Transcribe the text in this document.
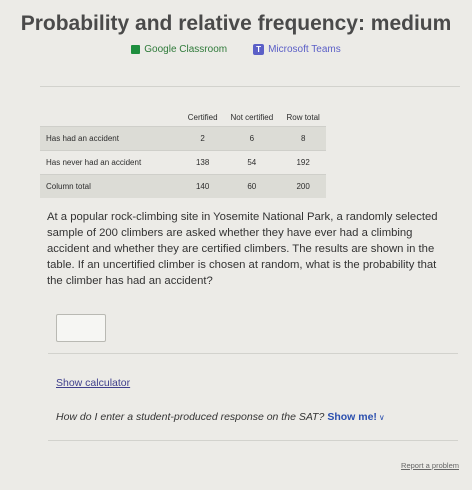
Probability and relative frequency: medium
Google Classroom	T Microsoft Teams
	Certified	Not certified	Row total
Has had an accident	2	6	8
Has never had an accident	138	54	192
Column total	140	60	200
At a popular rock-climbing site in Yosemite National Park, a randomly selected sample of 200 climbers are asked whether they have ever had a climbing accident and whether they are certified climbers. The results are shown in the table. If an uncertified climber is chosen at random, what is the probability that the climber has had an accident?
Show calculator
How do I enter a student-produced response on the SAT? Show me! ∨
Report a problem
